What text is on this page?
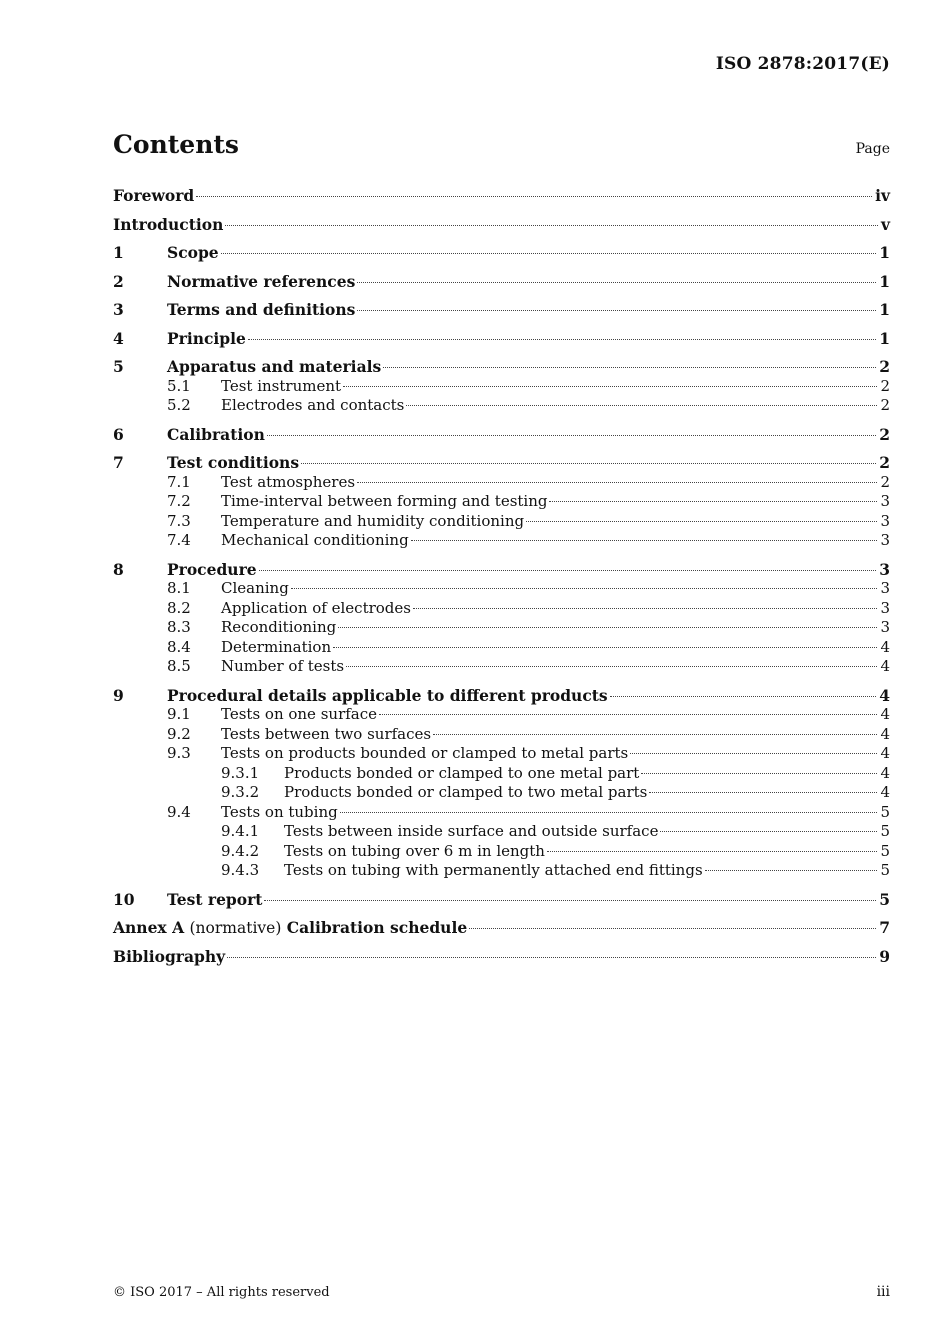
ISO 2878:2017(E)
Contents	Page
Foreword	iv
Introduction	v
1	Scope	1
2	Normative references	1
3	Terms and definitions	1
4	Principle	1
5	Apparatus and materials	2
5.1	Test instrument	2
5.2	Electrodes and contacts	2
6	Calibration	2
7	Test conditions	2
7.1	Test atmospheres	2
7.2	Time-interval between forming and testing	3
7.3	Temperature and humidity conditioning	3
7.4	Mechanical conditioning	3
8	Procedure	3
8.1	Cleaning	3
8.2	Application of electrodes	3
8.3	Reconditioning	3
8.4	Determination	4
8.5	Number of tests	4
9	Procedural details applicable to different products	4
9.1	Tests on one surface	4
9.2	Tests between two surfaces	4
9.3	Tests on products bounded or clamped to metal parts	4
9.3.1	Products bonded or clamped to one metal part	4
9.3.2	Products bonded or clamped to two metal parts	4
9.4	Tests on tubing	5
9.4.1	Tests between inside surface and outside surface	5
9.4.2	Tests on tubing over 6 m in length	5
9.4.3	Tests on tubing with permanently attached end fittings	5
10	Test report	5
Annex A (normative) Calibration schedule	7
Bibliography	9
© ISO 2017 – All rights reserved	iii
